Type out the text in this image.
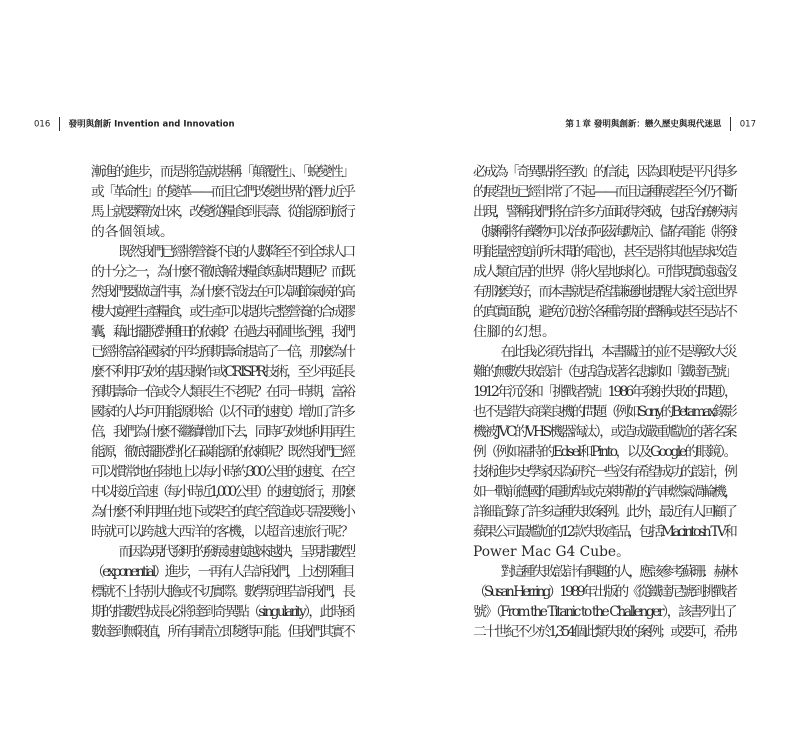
016 發明與創新 Invention and Innovation	第１章 發明與創新：戀久歷史與現代迷思 017
漸進的進步，而是將造就堪稱「顛覆性」、「蛻變性」
或「革命性」的變革——而且它們改變世界的潛力近乎
馬上就要釋放出來，改變從糧食到長壽、從能源到旅行
的各個領域。
既然我們已經將營養不良的人數降至不到全球人口
的十分之一，為什麼不徹底解決糧食短缺問題呢？而既
然我們要做這件事，為什麼不設法在可以調節氣候的高
樓大廈裡生產糧食，或生產可以提供完整營養的合成膠
囊，藉此擺脫對種田的依賴？在過去兩個世紀裡，我們
已經將富裕國家的平均預期壽命提高了一倍，那麼為什
麼不利用巧妙的基因操作或CRISPR技術，至少再延長
預期壽命一倍或令人類長生不老呢？在同一時期，富裕
國家的人均可用能源供給（以不同的速度）增加了許多
倍，我們為什麼不繼續增加下去，同時巧妙地利用再生
能源，徹底擺脫對化石碳能源的依賴呢？既然我們已經
可以慣常地在陸地上以每小時約300公里的速度、在空
中以接近音速（每小時近1,000公里）的速度旅行，那麼
為什麼不利用埋在地下或架空的真空管道或只需要幾小
時就可以跨越大西洋的客機，以超音速旅行呢？
而因為現代發明的發展速度越來越快，呈現指數型
（exponential）進步，一再有人告訴我們，上述那種目
標就不上特別大膽或不切實際。數學原理告訴我們，長
期的指數型成長必將達到奇異點（singularity），此時函
數達到無限值，所有事情立即變得可能。但我們其實不
必成為「奇異點將至教」的信徒，因為即使是平凡得多
的展望也已經非常了不起——而且這種展望至今仍不斷
出現，譬稱我們將在許多方面取得突破，包括治療疾病
（據稱將有藥物可以治好阿茲海默症）、儲存電能（將發
明能量密度前所未聞的電池），甚至是將其他星球改造
成人類宜居的世界（將火星地球化）。可惜現實遠遠沒
有那麼美好，而本書就是希望謙遜地提醒大家注意世界
的真實面貌，避免沉迷於各種誇張的聲稱或甚至是站不
住腳的幻想。
在此我必須先指出，本書關注的並不是導致大災
難的無數失敗設計（包括造成著名悲劇如「鐵達尼號」
1912年沉沒和「挑戰者號」1986年發射失敗的問題），
也不是錯失商業良機的問題（例如Sony的Betamax錄影
機被JVC的VHS機器淘汰），或造成嚴重尷尬的著名案
例（例如福特的Edsel和Pinto，以及Google的眼鏡）。
技術進步史學家因為研究一些沒有希望成功的設計，例
如一戰前德國的電動犁或克萊斯勒的汽車燃氣渦輪機，
詳細記錄了許多這種失敗案例。此外，最近有人回顧了
蘋果公司最尷尬的12款失敗產品，包括Macintosh TV和
Power Mac G4 Cube。
對這種失敗設計有興趣的人，應該參考蘇珊．赫林
（Susan Herring）1989年出版的《從鐵達尼號到挑戰者
號》（From the Titanic to the Challenger），該書列出了
二十世紀不少於1,354個此類失敗的案例；或要可，希弗
